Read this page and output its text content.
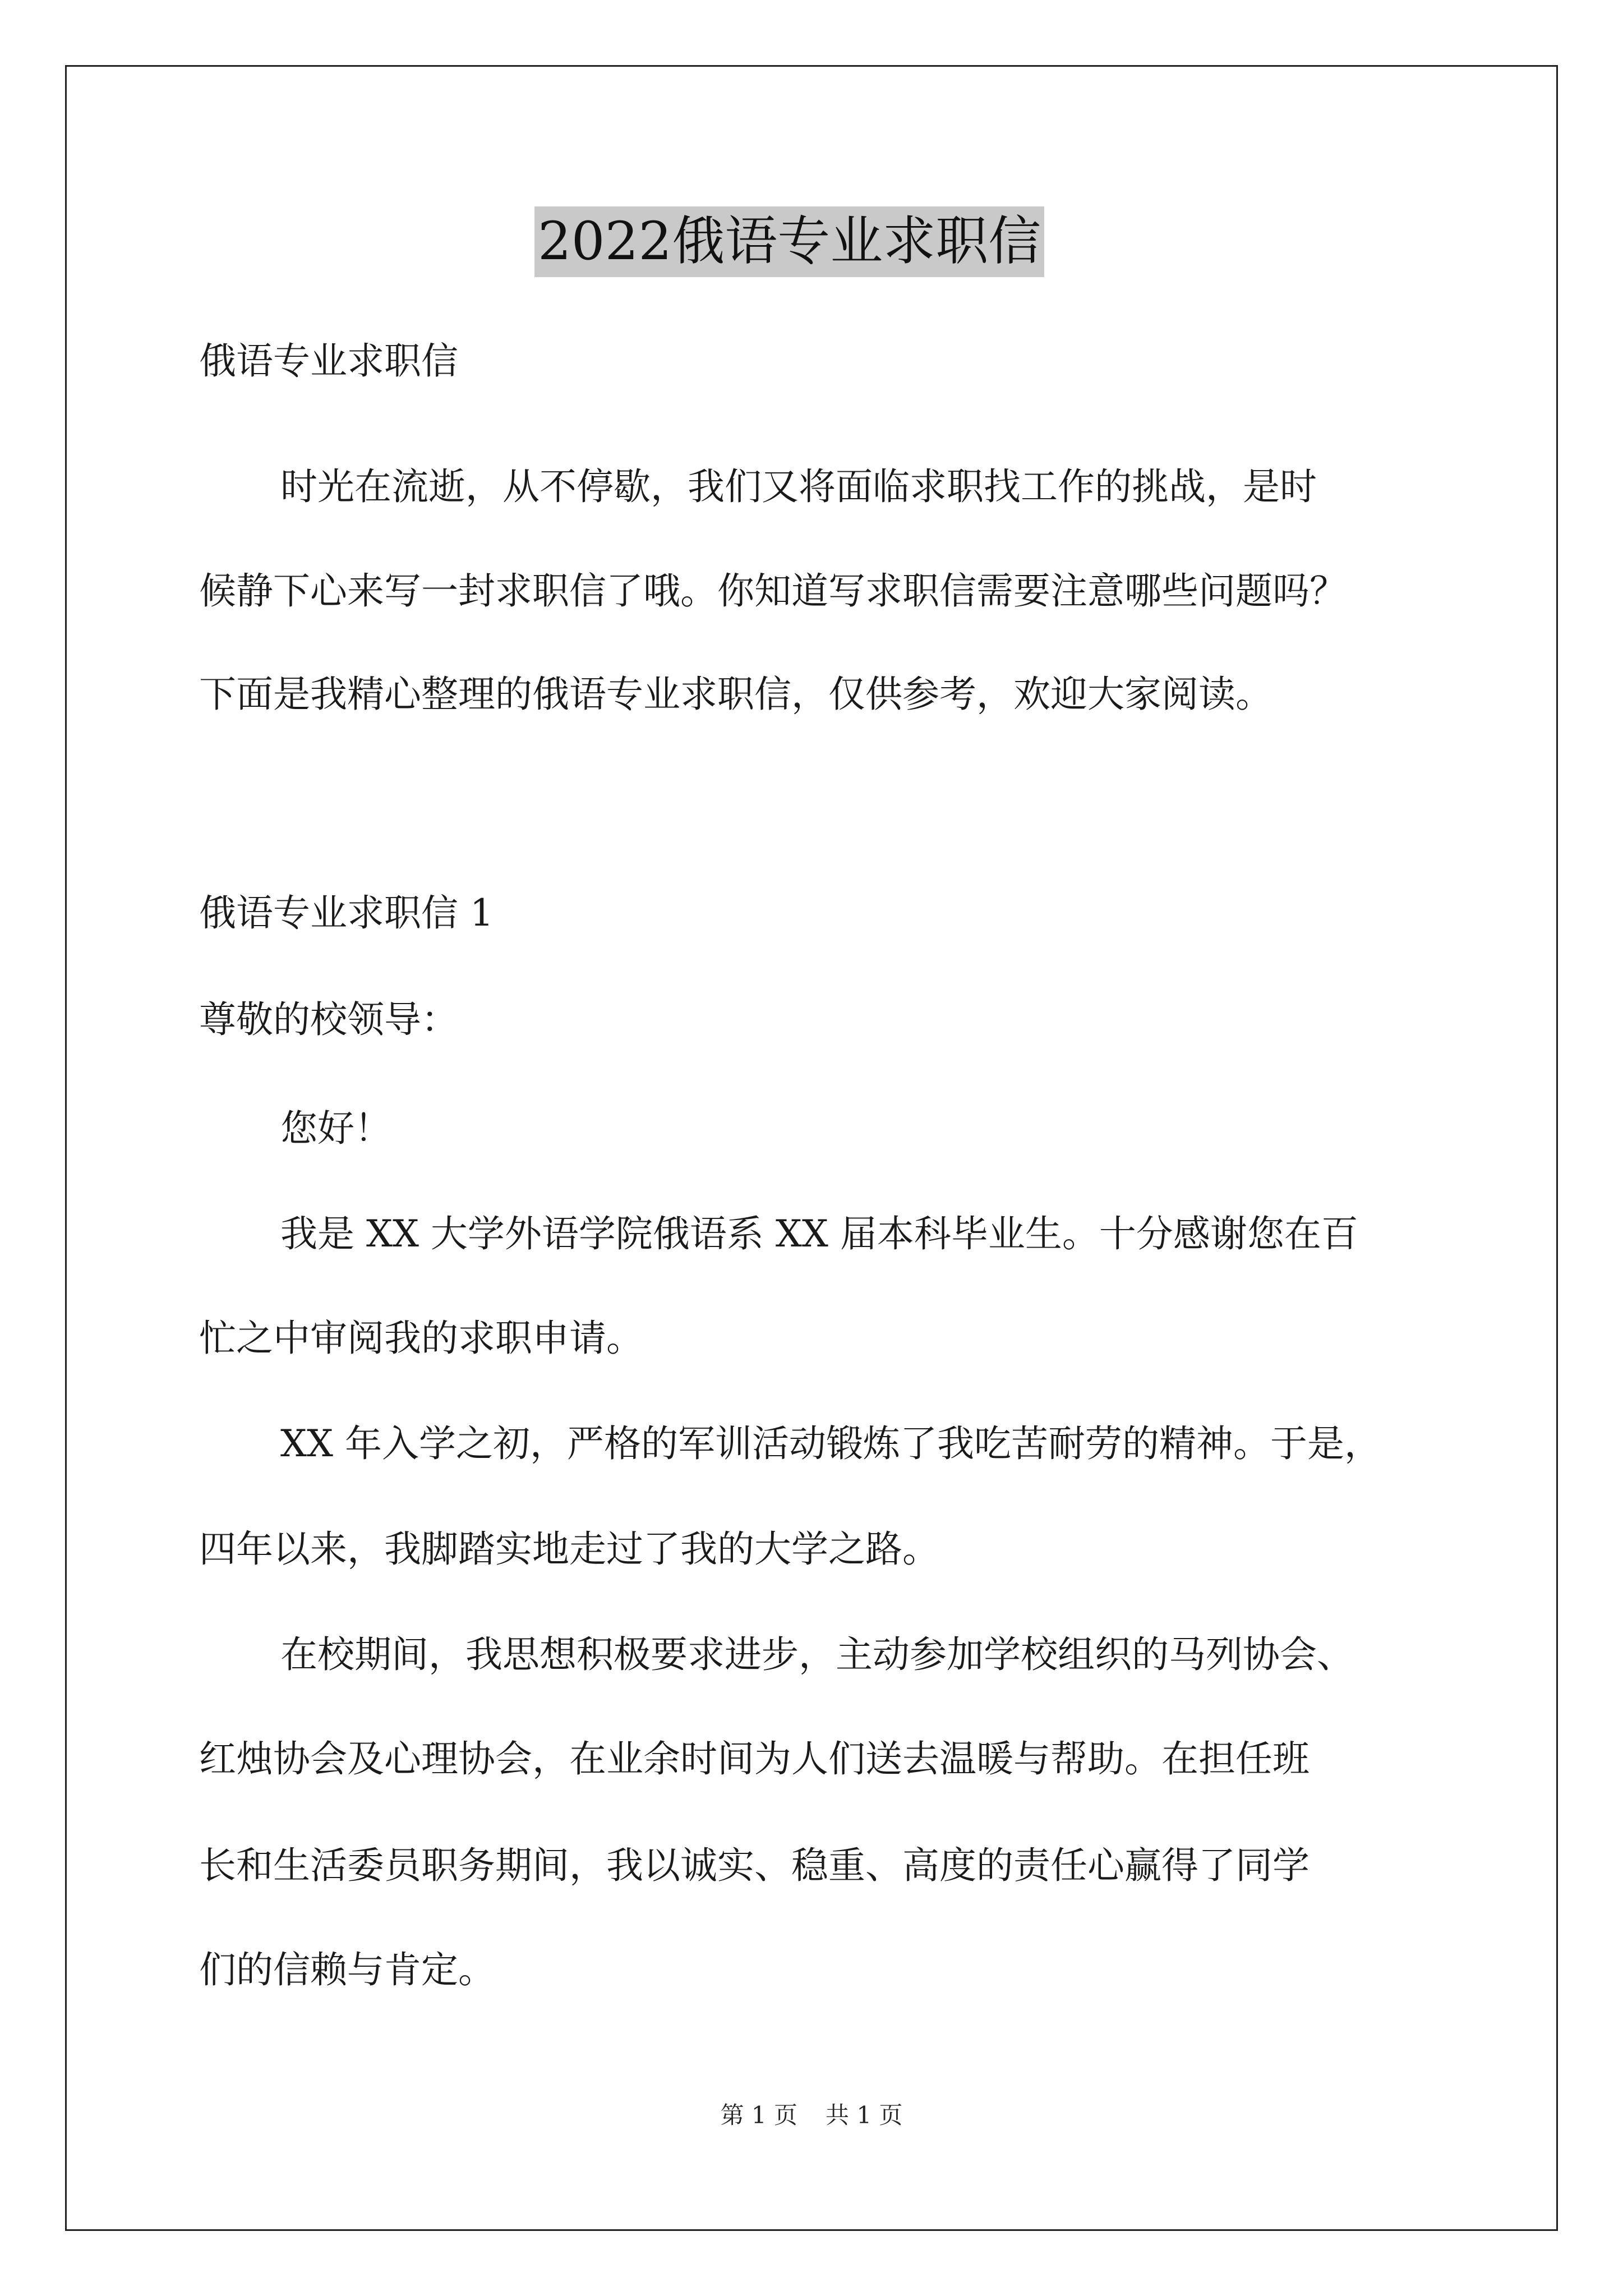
2022俄语专业求职信
俄语专业求职信
时光在流逝，从不停歇，我们又将面临求职找工作的挑战，是时
候静下心来写一封求职信了哦。你知道写求职信需要注意哪些问题吗？
下面是我精心整理的俄语专业求职信，仅供参考，欢迎大家阅读。
俄语专业求职信 1
尊敬的校领导：
您好！
我是 XX 大学外语学院俄语系 XX 届本科毕业生。十分感谢您在百
忙之中审阅我的求职申请。
XX 年入学之初，严格的军训活动锻炼了我吃苦耐劳的精神。于是，
四年以来，我脚踏实地走过了我的大学之路。
在校期间，我思想积极要求进步，主动参加学校组织的马列协会、
红烛协会及心理协会，在业余时间为人们送去温暖与帮助。在担任班
长和生活委员职务期间，我以诚实、稳重、高度的责任心赢得了同学
们的信赖与肯定。
第 1 页 共 1 页
